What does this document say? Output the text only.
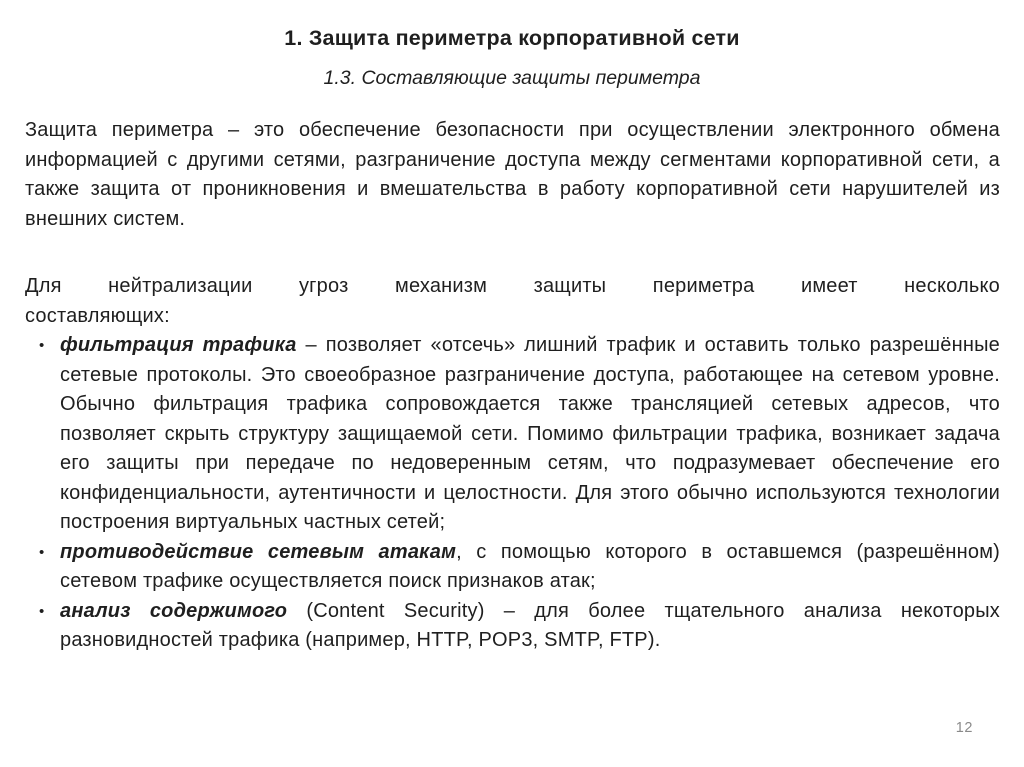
1. Защита периметра корпоративной сети
1.3. Составляющие защиты периметра

Защита периметра – это обеспечение безопасности при осуществлении электронного обмена информацией с другими сетями, разграничение доступа между сегментами корпоративной сети, а также защита от проникновения и вмешательства в работу корпоративной сети нарушителей из внешних систем.

Для нейтрализации угроз механизм защиты периметра имеет несколько составляющих:

• фильтрация трафика – позволяет «отсечь» лишний трафик и оставить только разрешённые сетевые протоколы. Это своеобразное разграничение доступа, работающее на сетевом уровне. Обычно фильтрация трафика сопровождается также трансляцией сетевых адресов, что позволяет скрыть структуру защищаемой сети. Помимо фильтрации трафика, возникает задача его защиты при передаче по недоверенным сетям, что подразумевает обеспечение его конфиденциальности, аутентичности и целостности. Для этого обычно используются технологии построения виртуальных частных сетей;
• противодействие сетевым атакам, с помощью которого в оставшемся (разрешённом) сетевом трафике осуществляется поиск признаков атак;
• анализ содержимого (Content Security) – для более тщательного анализа некоторых разновидностей трафика (например, HTTP, POP3, SMTP, FTP).
12
